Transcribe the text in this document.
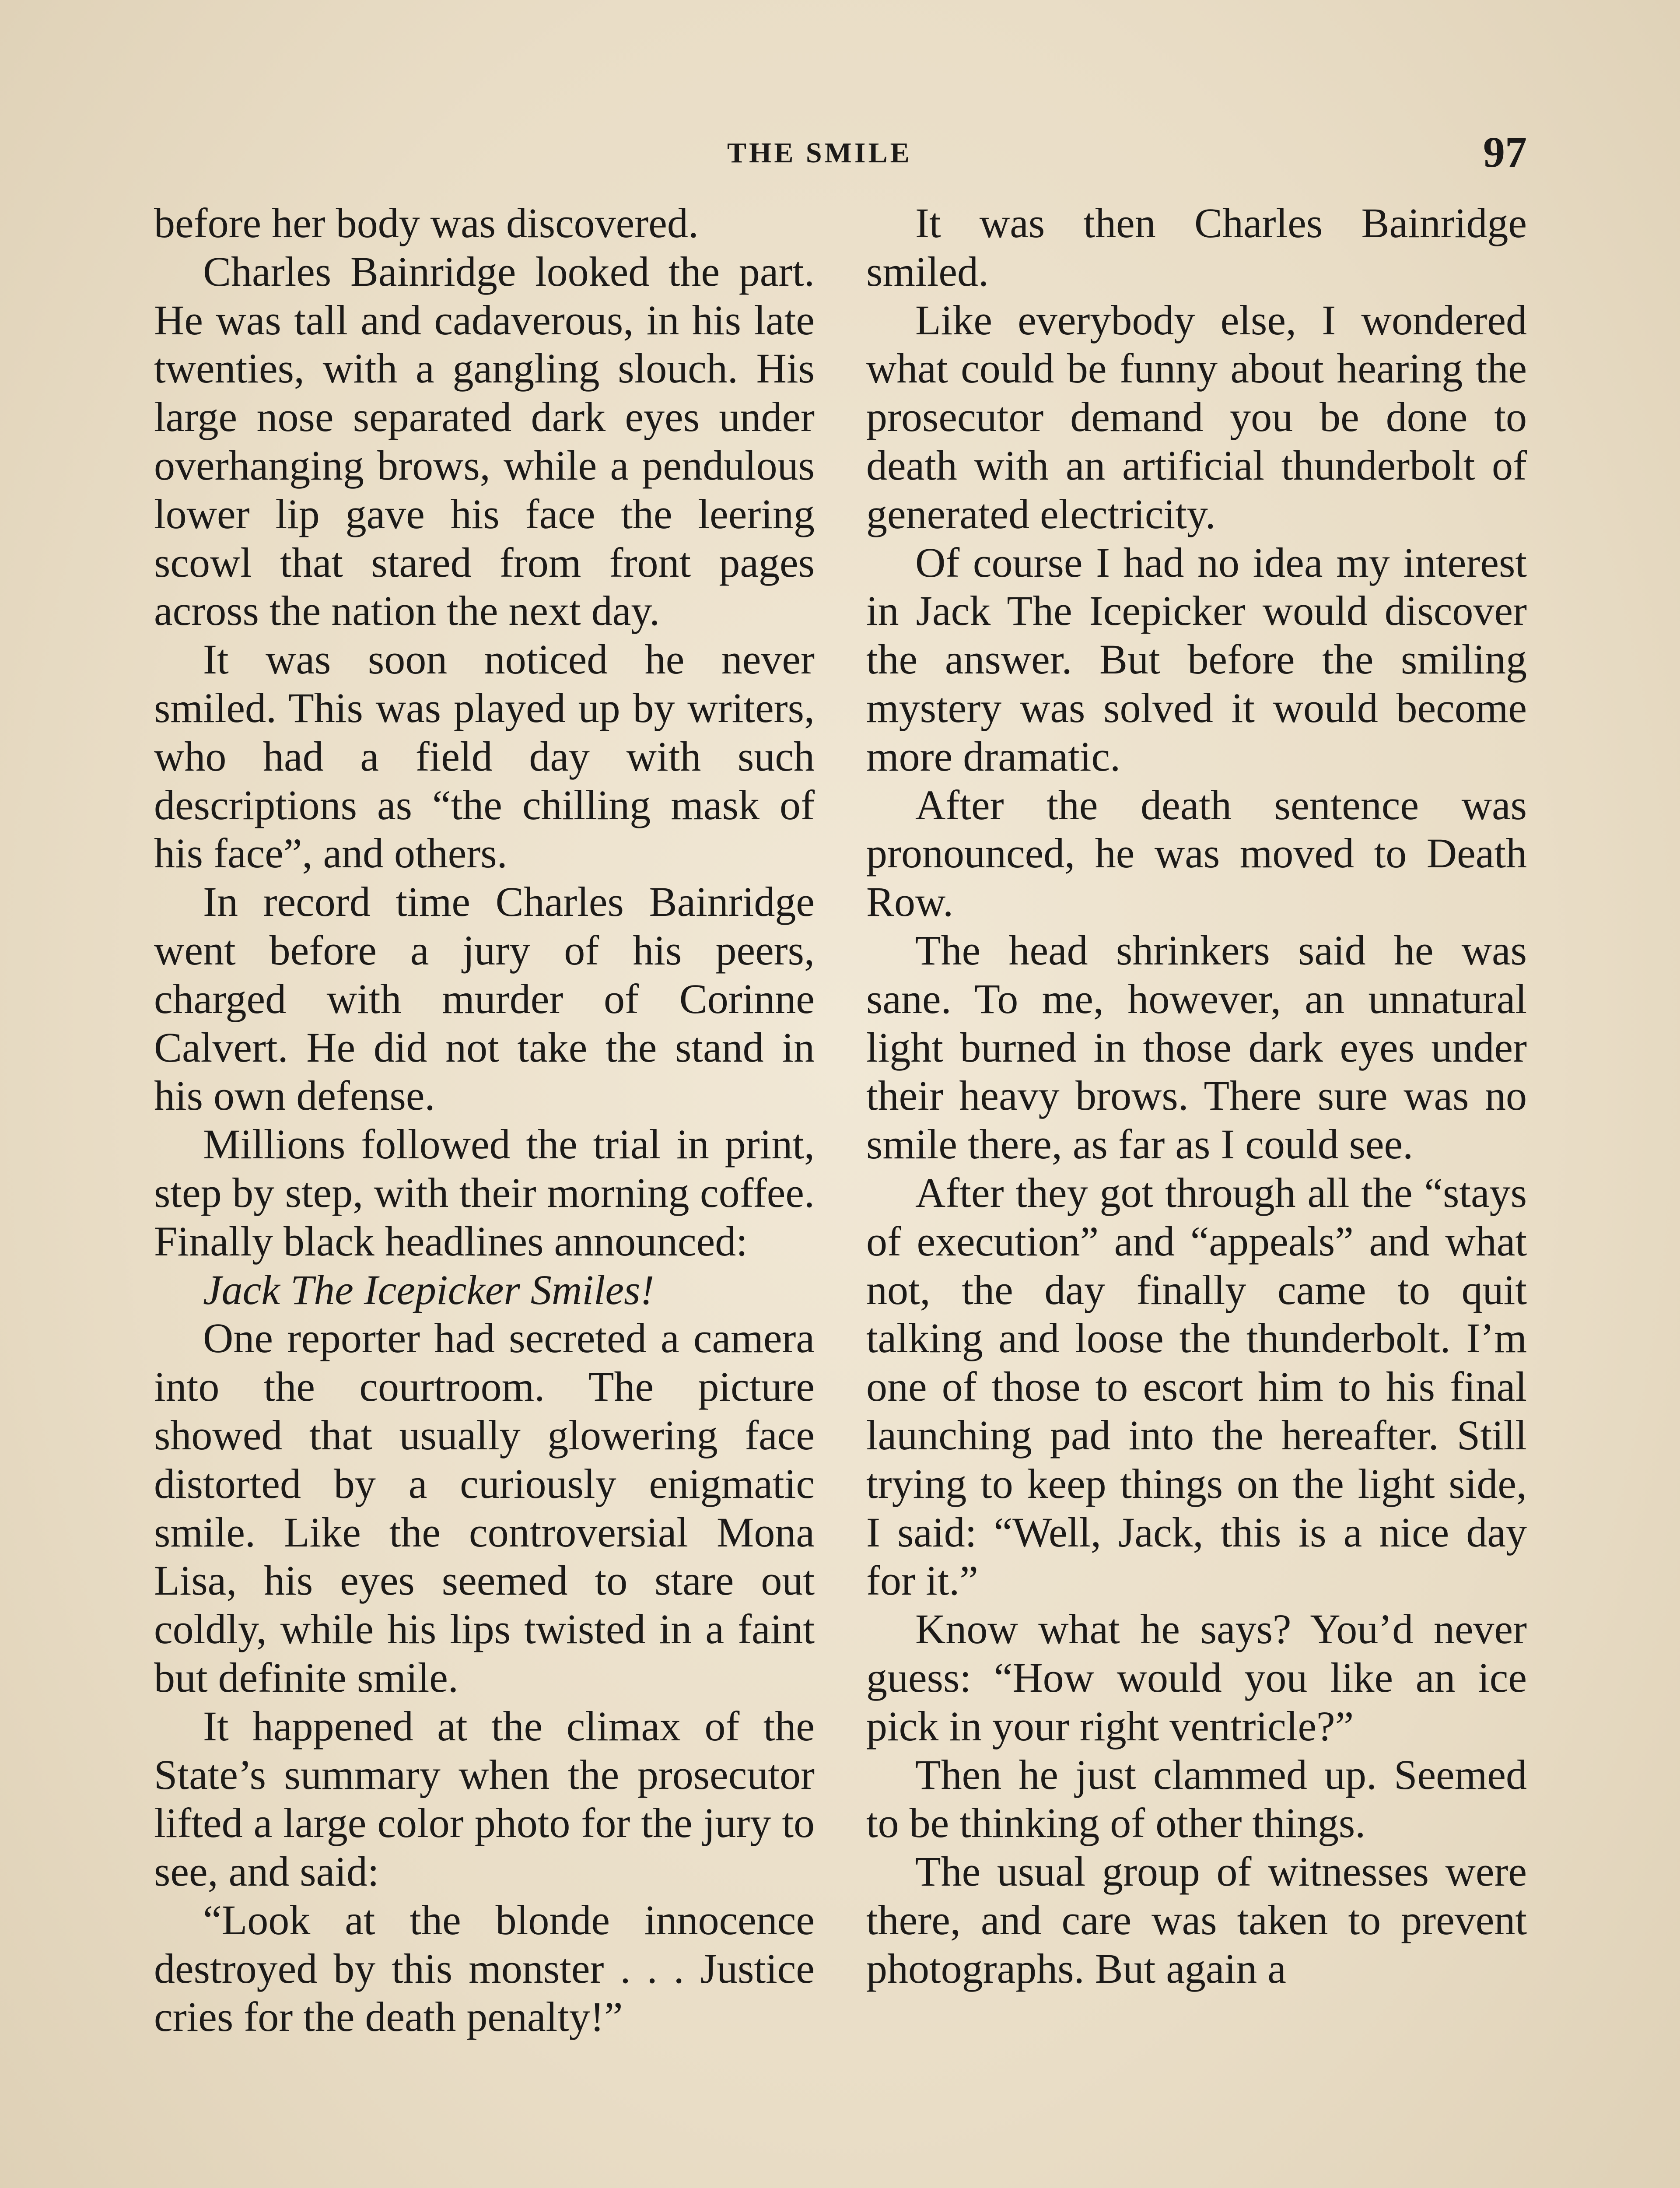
THE SMILE	97

before her body was discovered.

Charles Bainridge looked the part. He was tall and cadaverous, in his late twenties, with a gangling slouch. His large nose separated dark eyes under overhanging brows, while a pendulous lower lip gave his face the leering scowl that stared from front pages across the nation the next day.

It was soon noticed he never smiled. This was played up by writers, who had a field day with such descriptions as “the chilling mask of his face”, and others.

In record time Charles Bainridge went before a jury of his peers, charged with murder of Corinne Calvert. He did not take the stand in his own defense.

Millions followed the trial in print, step by step, with their morning coffee. Finally black headlines announced:

Jack The Icepicker Smiles!

One reporter had secreted a camera into the courtroom. The picture showed that usually glowering face distorted by a curiously enigmatic smile. Like the controversial Mona Lisa, his eyes seemed to stare out coldly, while his lips twisted in a faint but definite smile.

It happened at the climax of the State’s summary when the prosecutor lifted a large color photo for the jury to see, and said:

“Look at the blonde innocence destroyed by this monster . . . Justice cries for the death penalty!”

It was then Charles Bainridge smiled.

Like everybody else, I wondered what could be funny about hearing the prosecutor demand you be done to death with an artificial thunderbolt of generated electricity.

Of course I had no idea my interest in Jack The Icepicker would discover the answer. But before the smiling mystery was solved it would become more dramatic.

After the death sentence was pronounced, he was moved to Death Row.

The head shrinkers said he was sane. To me, however, an unnatural light burned in those dark eyes under their heavy brows. There sure was no smile there, as far as I could see.

After they got through all the “stays of execution” and “appeals” and what not, the day finally came to quit talking and loose the thunderbolt. I’m one of those to escort him to his final launching pad into the hereafter. Still trying to keep things on the light side, I said: “Well, Jack, this is a nice day for it.”

Know what he says? You’d never guess: “How would you like an ice pick in your right ventricle?”

Then he just clammed up. Seemed to be thinking of other things.

The usual group of witnesses were there, and care was taken to prevent photographs. But again a
